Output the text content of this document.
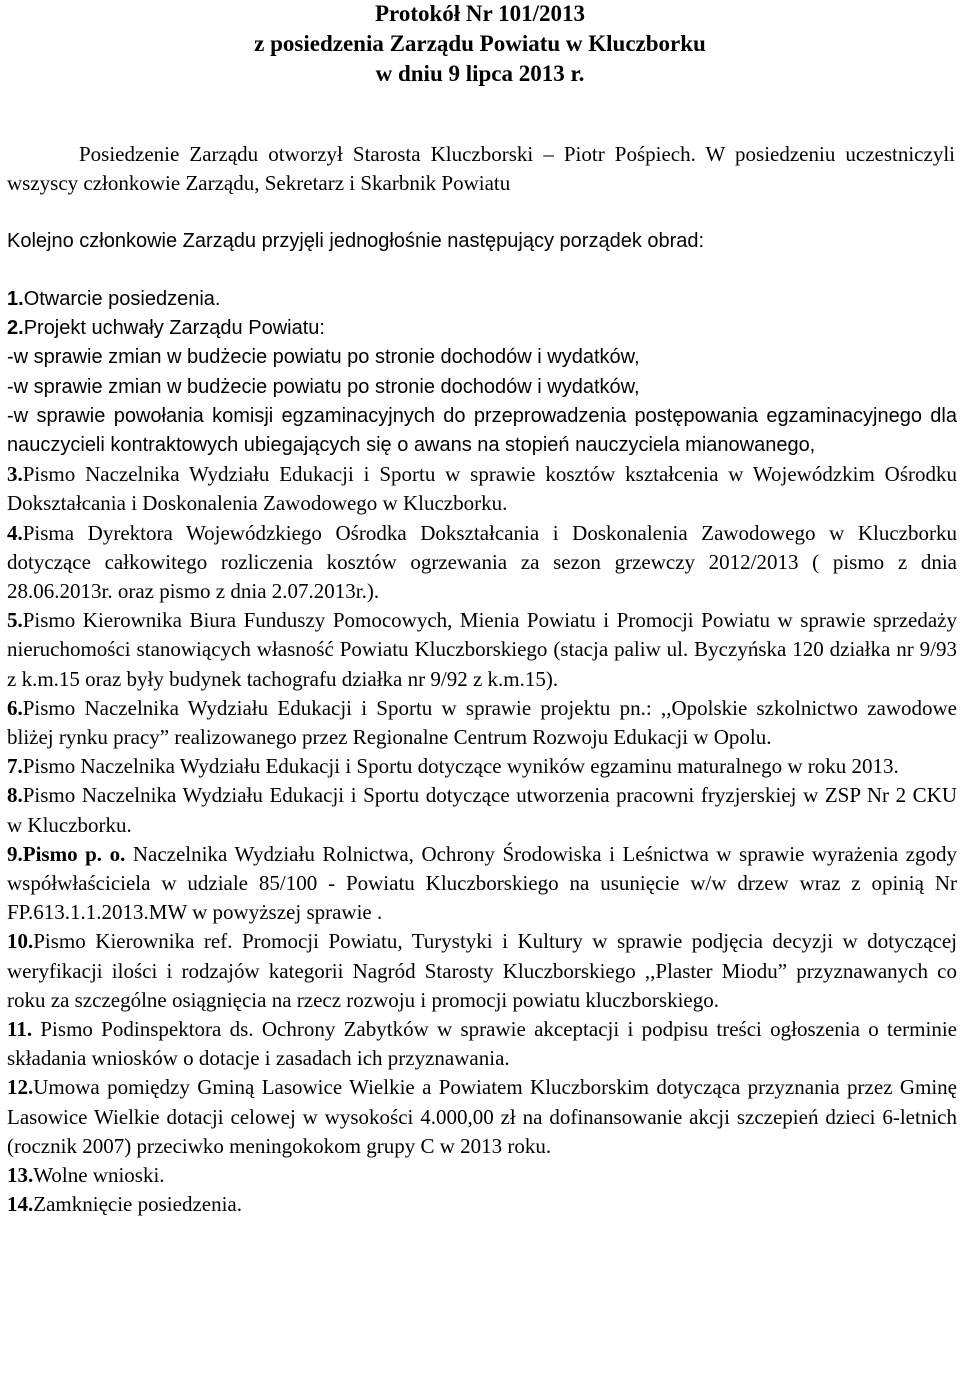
Protokół Nr 101/2013
z posiedzenia Zarządu Powiatu w Kluczborku
w dniu 9 lipca 2013 r.
Posiedzenie Zarządu otworzył Starosta Kluczborski – Piotr Pośpiech. W posiedzeniu uczestniczyli wszyscy członkowie Zarządu, Sekretarz i Skarbnik Powiatu
Kolejno członkowie Zarządu przyjęli jednogłośnie następujący porządek obrad:
1.Otwarcie posiedzenia.
2.Projekt uchwały Zarządu Powiatu:
-w sprawie zmian w budżecie powiatu po stronie dochodów i wydatków,
-w sprawie zmian w budżecie powiatu po stronie dochodów i wydatków,
-w sprawie powołania komisji egzaminacyjnych do przeprowadzenia postępowania egzaminacyjnego dla nauczycieli kontraktowych ubiegających się o awans na stopień nauczyciela mianowanego,
3.Pismo Naczelnika Wydziału Edukacji i Sportu w sprawie kosztów kształcenia w Wojewódzkim Ośrodku Dokształcania i Doskonalenia Zawodowego w Kluczborku.
4.Pisma Dyrektora Wojewódzkiego Ośrodka Dokształcania i Doskonalenia Zawodowego w Kluczborku dotyczące całkowitego rozliczenia kosztów ogrzewania za sezon grzewczy 2012/2013 ( pismo z dnia 28.06.2013r. oraz pismo z dnia 2.07.2013r.).
5.Pismo Kierownika Biura Funduszy Pomocowych, Mienia Powiatu i Promocji Powiatu w sprawie sprzedaży nieruchomości stanowiących własność Powiatu Kluczborskiego (stacja paliw ul. Byczyńska 120 działka nr 9/93 z k.m.15 oraz były budynek tachografu działka nr 9/92 z k.m.15).
6.Pismo Naczelnika Wydziału Edukacji i Sportu w sprawie projektu pn.: ,,Opolskie szkolnictwo zawodowe bliżej rynku pracy” realizowanego przez Regionalne Centrum Rozwoju Edukacji w Opolu.
7.Pismo Naczelnika Wydziału Edukacji i Sportu dotyczące wyników egzaminu maturalnego w roku 2013.
8.Pismo Naczelnika Wydziału Edukacji i Sportu dotyczące utworzenia pracowni fryzjerskiej w ZSP Nr 2 CKU w Kluczborku.
9.Pismo p. o. Naczelnika Wydziału Rolnictwa, Ochrony Środowiska i Leśnictwa w sprawie wyrażenia zgody współwłaściciela w udziale 85/100 - Powiatu Kluczborskiego na usunięcie w/w drzew wraz z opinią Nr FP.613.1.1.2013.MW w powyższej sprawie .
10.Pismo Kierownika ref. Promocji Powiatu, Turystyki i Kultury w sprawie podjęcia decyzji w dotyczącej weryfikacji ilości i rodzajów kategorii Nagród Starosty Kluczborskiego ,,Plaster Miodu” przyznawanych co roku za szczególne osiągnięcia na rzecz rozwoju i promocji powiatu kluczborskiego.
11. Pismo Podinspektora ds. Ochrony Zabytków w sprawie akceptacji i podpisu treści ogłoszenia o terminie składania wniosków o dotacje i zasadach ich przyznawania.
12.Umowa pomiędzy Gminą Lasowice Wielkie a Powiatem Kluczborskim dotycząca przyznania przez Gminę Lasowice Wielkie dotacji celowej w wysokości 4.000,00 zł na dofinansowanie akcji szczepień dzieci 6-letnich (rocznik 2007) przeciwko meningokokom grupy C w 2013 roku.
13.Wolne wnioski.
14.Zamknięcie posiedzenia.
